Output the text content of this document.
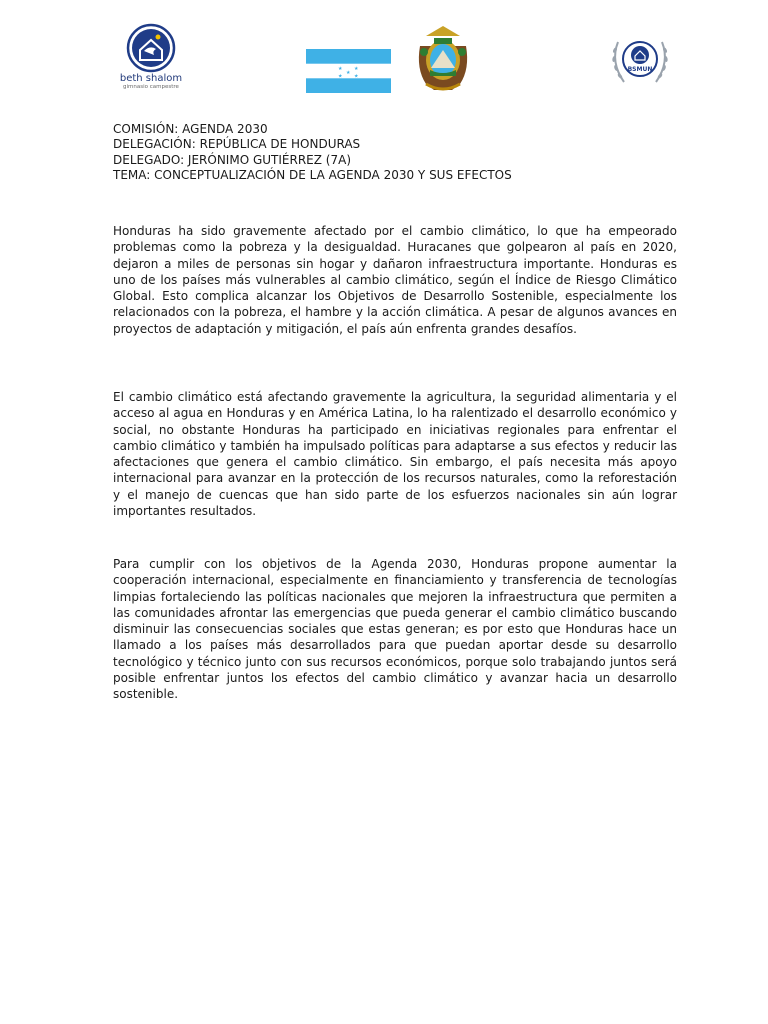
beth shalom
gimnasio campestre
★ ★
★
★ ★
BSMUN
COMISIÓN: AGENDA 2030
DELEGACIÓN: REPÚBLICA DE HONDURAS
DELEGADO: JERÓNIMO GUTIÉRREZ (7A)
TEMA: CONCEPTUALIZACIÓN DE LA AGENDA 2030 Y SUS EFECTOS

Honduras ha sido gravemente afectado por el cambio climático, lo que ha empeorado problemas como la pobreza y la desigualdad. Huracanes que golpearon al país en 2020, dejaron a miles de personas sin hogar y dañaron infraestructura importante. Honduras es uno de los países más vulnerables al cambio climático, según el Índice de Riesgo Climático Global. Esto complica alcanzar los Objetivos de Desarrollo Sostenible, especialmente los relacionados con la pobreza, el hambre y la acción climática. A pesar de algunos avances en proyectos de adaptación y mitigación, el país aún enfrenta grandes desafíos.

El cambio climático está afectando gravemente la agricultura, la seguridad alimentaria y el acceso al agua en Honduras y en América Latina, lo ha ralentizado el desarrollo económico y social, no obstante Honduras ha participado en iniciativas regionales para enfrentar el cambio climático y también ha impulsado políticas para adaptarse a sus efectos y reducir las afectaciones que genera el cambio climático. Sin embargo, el país necesita más apoyo internacional para avanzar en la protección de los recursos naturales, como la reforestación y el manejo de cuencas que han sido parte de los esfuerzos nacionales sin aún lograr importantes resultados.

Para cumplir con los objetivos de la Agenda 2030, Honduras propone aumentar la cooperación internacional, especialmente en financiamiento y transferencia de tecnologías limpias fortaleciendo las políticas nacionales que mejoren la infraestructura que permiten a las comunidades afrontar las emergencias que pueda generar el cambio climático buscando disminuir las consecuencias sociales que estas generan; es por esto que Honduras hace un llamado a los países más desarrollados para que puedan aportar desde su desarrollo tecnológico y técnico junto con sus recursos económicos, porque solo trabajando juntos será posible enfrentar juntos los efectos del cambio climático y avanzar hacia un desarrollo sostenible.
